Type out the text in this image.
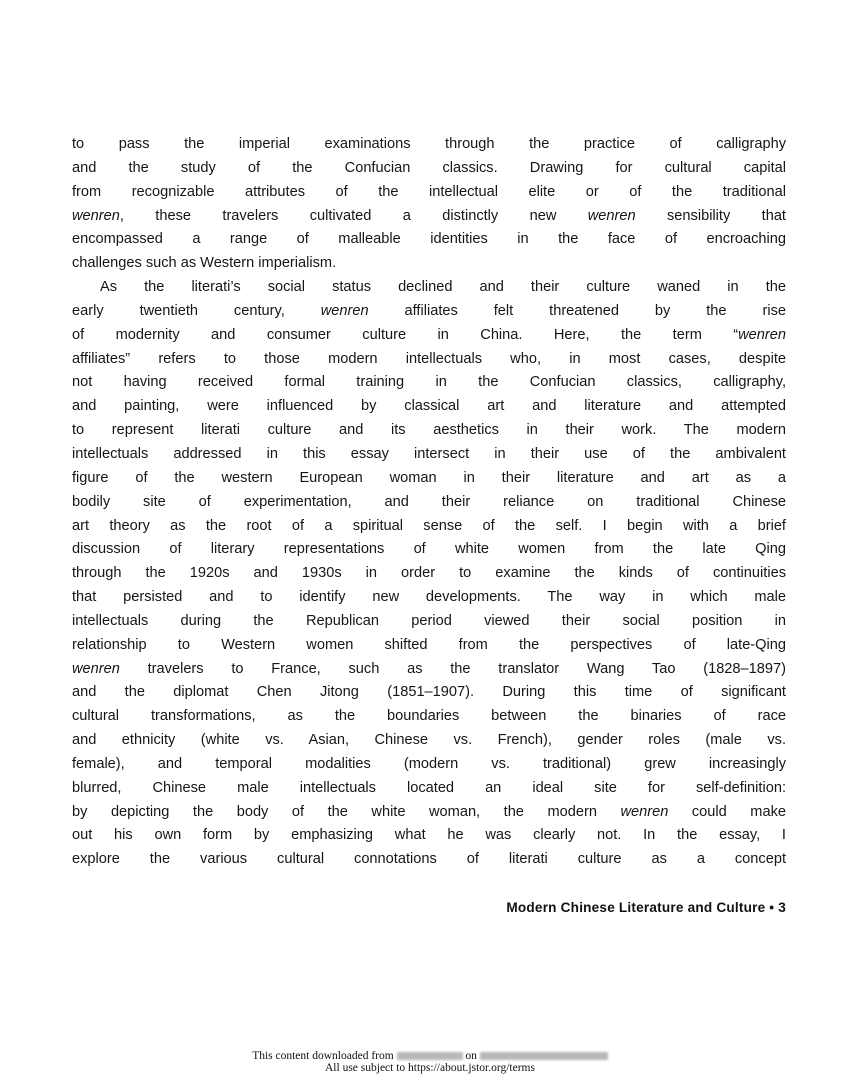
to pass the imperial examinations through the practice of calligraphy
and the study of the Confucian classics. Drawing for cultural capital
from recognizable attributes of the intellectual elite or of the traditional
wenren, these travelers cultivated a distinctly new wenren sensibility that
encompassed a range of malleable identities in the face of encroaching
challenges such as Western imperialism.
As the literati’s social status declined and their culture waned in the
early twentieth century, wenren affiliates felt threatened by the rise
of modernity and consumer culture in China. Here, the term “wenren
affiliates” refers to those modern intellectuals who, in most cases, despite
not having received formal training in the Confucian classics, calligraphy,
and painting, were influenced by classical art and literature and attempted
to represent literati culture and its aesthetics in their work. The modern
intellectuals addressed in this essay intersect in their use of the ambivalent
figure of the western European woman in their literature and art as a
bodily site of experimentation, and their reliance on traditional Chinese
art theory as the root of a spiritual sense of the self. I begin with a brief
discussion of literary representations of white women from the late Qing
through the 1920s and 1930s in order to examine the kinds of continuities
that persisted and to identify new developments. The way in which male
intellectuals during the Republican period viewed their social position in
relationship to Western women shifted from the perspectives of late-Qing
wenren travelers to France, such as the translator Wang Tao (1828–1897)
and the diplomat Chen Jitong (1851–1907). During this time of significant
cultural transformations, as the boundaries between the binaries of race
and ethnicity (white vs. Asian, Chinese vs. French), gender roles (male vs.
female), and temporal modalities (modern vs. traditional) grew increasingly
blurred, Chinese male intellectuals located an ideal site for self-definition:
by depicting the body of the white woman, the modern wenren could make
out his own form by emphasizing what he was clearly not. In the essay, I
explore the various cultural connotations of literati culture as a concept
Modern Chinese Literature and Culture • 3
This content downloaded from	on
All use subject to https://about.jstor.org/terms
